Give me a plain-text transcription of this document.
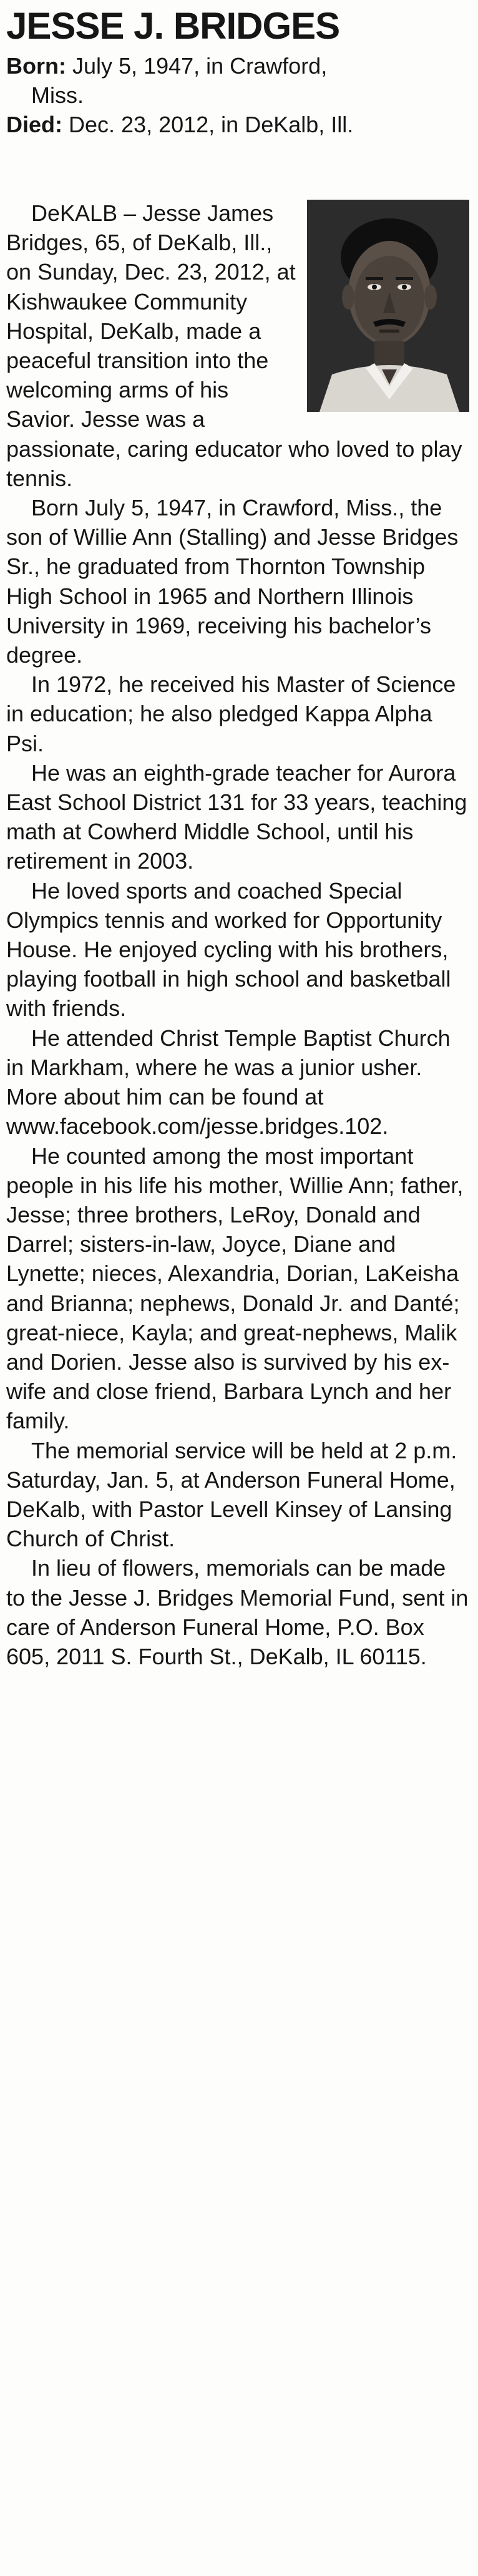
JESSE J. BRIDGES
Born: July 5, 1947, in Crawford,
Miss.
Died: Dec. 23, 2012, in DeKalb, Ill.

DeKALB – Jesse James Bridges, 65, of DeKalb, Ill., on Sunday, Dec. 23, 2012, at Kishwaukee Community Hospital, DeKalb, made a peaceful transition into the welcoming arms of his Savior. Jesse was a passionate, caring educator who loved to play tennis.

Born July 5, 1947, in Crawford, Miss., the son of Willie Ann (Stalling) and Jesse Bridges Sr., he graduated from Thornton Township High School in 1965 and Northern Illinois University in 1969, receiving his bachelor’s degree.

In 1972, he received his Master of Science in education; he also pledged Kappa Alpha Psi.

He was an eighth-grade teacher for Aurora East School District 131 for 33 years, teaching math at Cowherd Middle School, until his retirement in 2003.

He loved sports and coached Special Olympics tennis and worked for Opportunity House. He enjoyed cycling with his brothers, playing football in high school and basketball with friends.

He attended Christ Temple Baptist Church in Markham, where he was a junior usher. More about him can be found at www.facebook.com/jesse.bridges.102.

He counted among the most important people in his life his mother, Willie Ann; father, Jesse; three brothers, LeRoy, Donald and Darrel; sisters-in-law, Joyce, Diane and Lynette; nieces, Alexandria, Dorian, LaKeisha and Brianna; nephews, Donald Jr. and Danté; great-niece, Kayla; and great-nephews, Malik and Dorien. Jesse also is survived by his ex-wife and close friend, Barbara Lynch and her family.

The memorial service will be held at 2 p.m. Saturday, Jan. 5, at Anderson Funeral Home, DeKalb, with Pastor Levell Kinsey of Lansing Church of Christ.

In lieu of flowers, memorials can be made to the Jesse J. Bridges Memorial Fund, sent in care of Anderson Funeral Home, P.O. Box 605, 2011 S. Fourth St., DeKalb, IL 60115.
